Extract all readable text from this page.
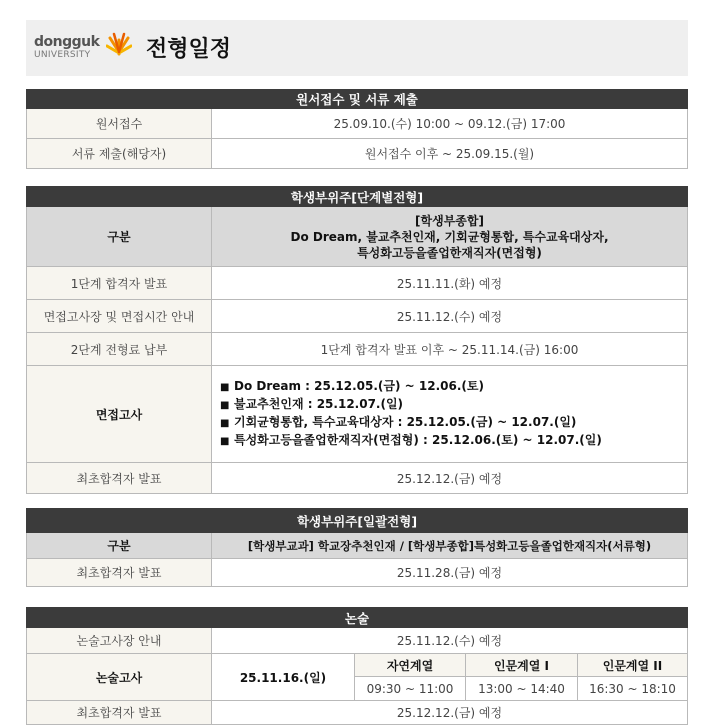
dongguk
UNIVERSITY	전형일정
원서접수 및 서류 제출	
원서접수	25.09.10.(수) 10:00 ~ 09.12.(금) 17:00
서류 제출(해당자)	원서접수 이후 ~ 25.09.15.(월)
학생부위주[단계별전형]	
구분	[학생부종합]
Do Dream, 불교추천인재, 기회균형통합, 특수교육대상자,
특성화고등을졸업한재직자(면접형)

1단계 합격자 발표	25.11.11.(화) 예정
면접고사장 및 면접시간 안내	25.11.12.(수) 예정
2단계 전형료 납부	1단계 합격자 발표 이후 ~ 25.11.14.(금) 16:00
면접고사	■ Do Dream : 25.12.05.(금) ~ 12.06.(토)
■ 불교추천인재 : 25.12.07.(일)
■ 기회균형통합, 특수교육대상자 : 25.12.05.(금) ~ 12.07.(일)
■ 특성화고등을졸업한재직자(면접형) : 25.12.06.(토) ~ 12.07.(일)

최초합격자 발표	25.12.12.(금) 예정
학생부위주[일괄전형]	
구분	[학생부교과] 학교장추천인재 / [학생부종합]특성화고등을졸업한재직자(서류형)
최초합격자 발표	25.11.28.(금) 예정
논술				
논술고사장 안내	25.11.12.(수) 예정			
논술고사	25.11.16.(일)	자연계열	인문계열 I	인문계열 II
		09:30 ~ 11:00	13:00 ~ 14:40	16:30 ~ 18:10
최초합격자 발표	25.12.12.(금) 예정			
